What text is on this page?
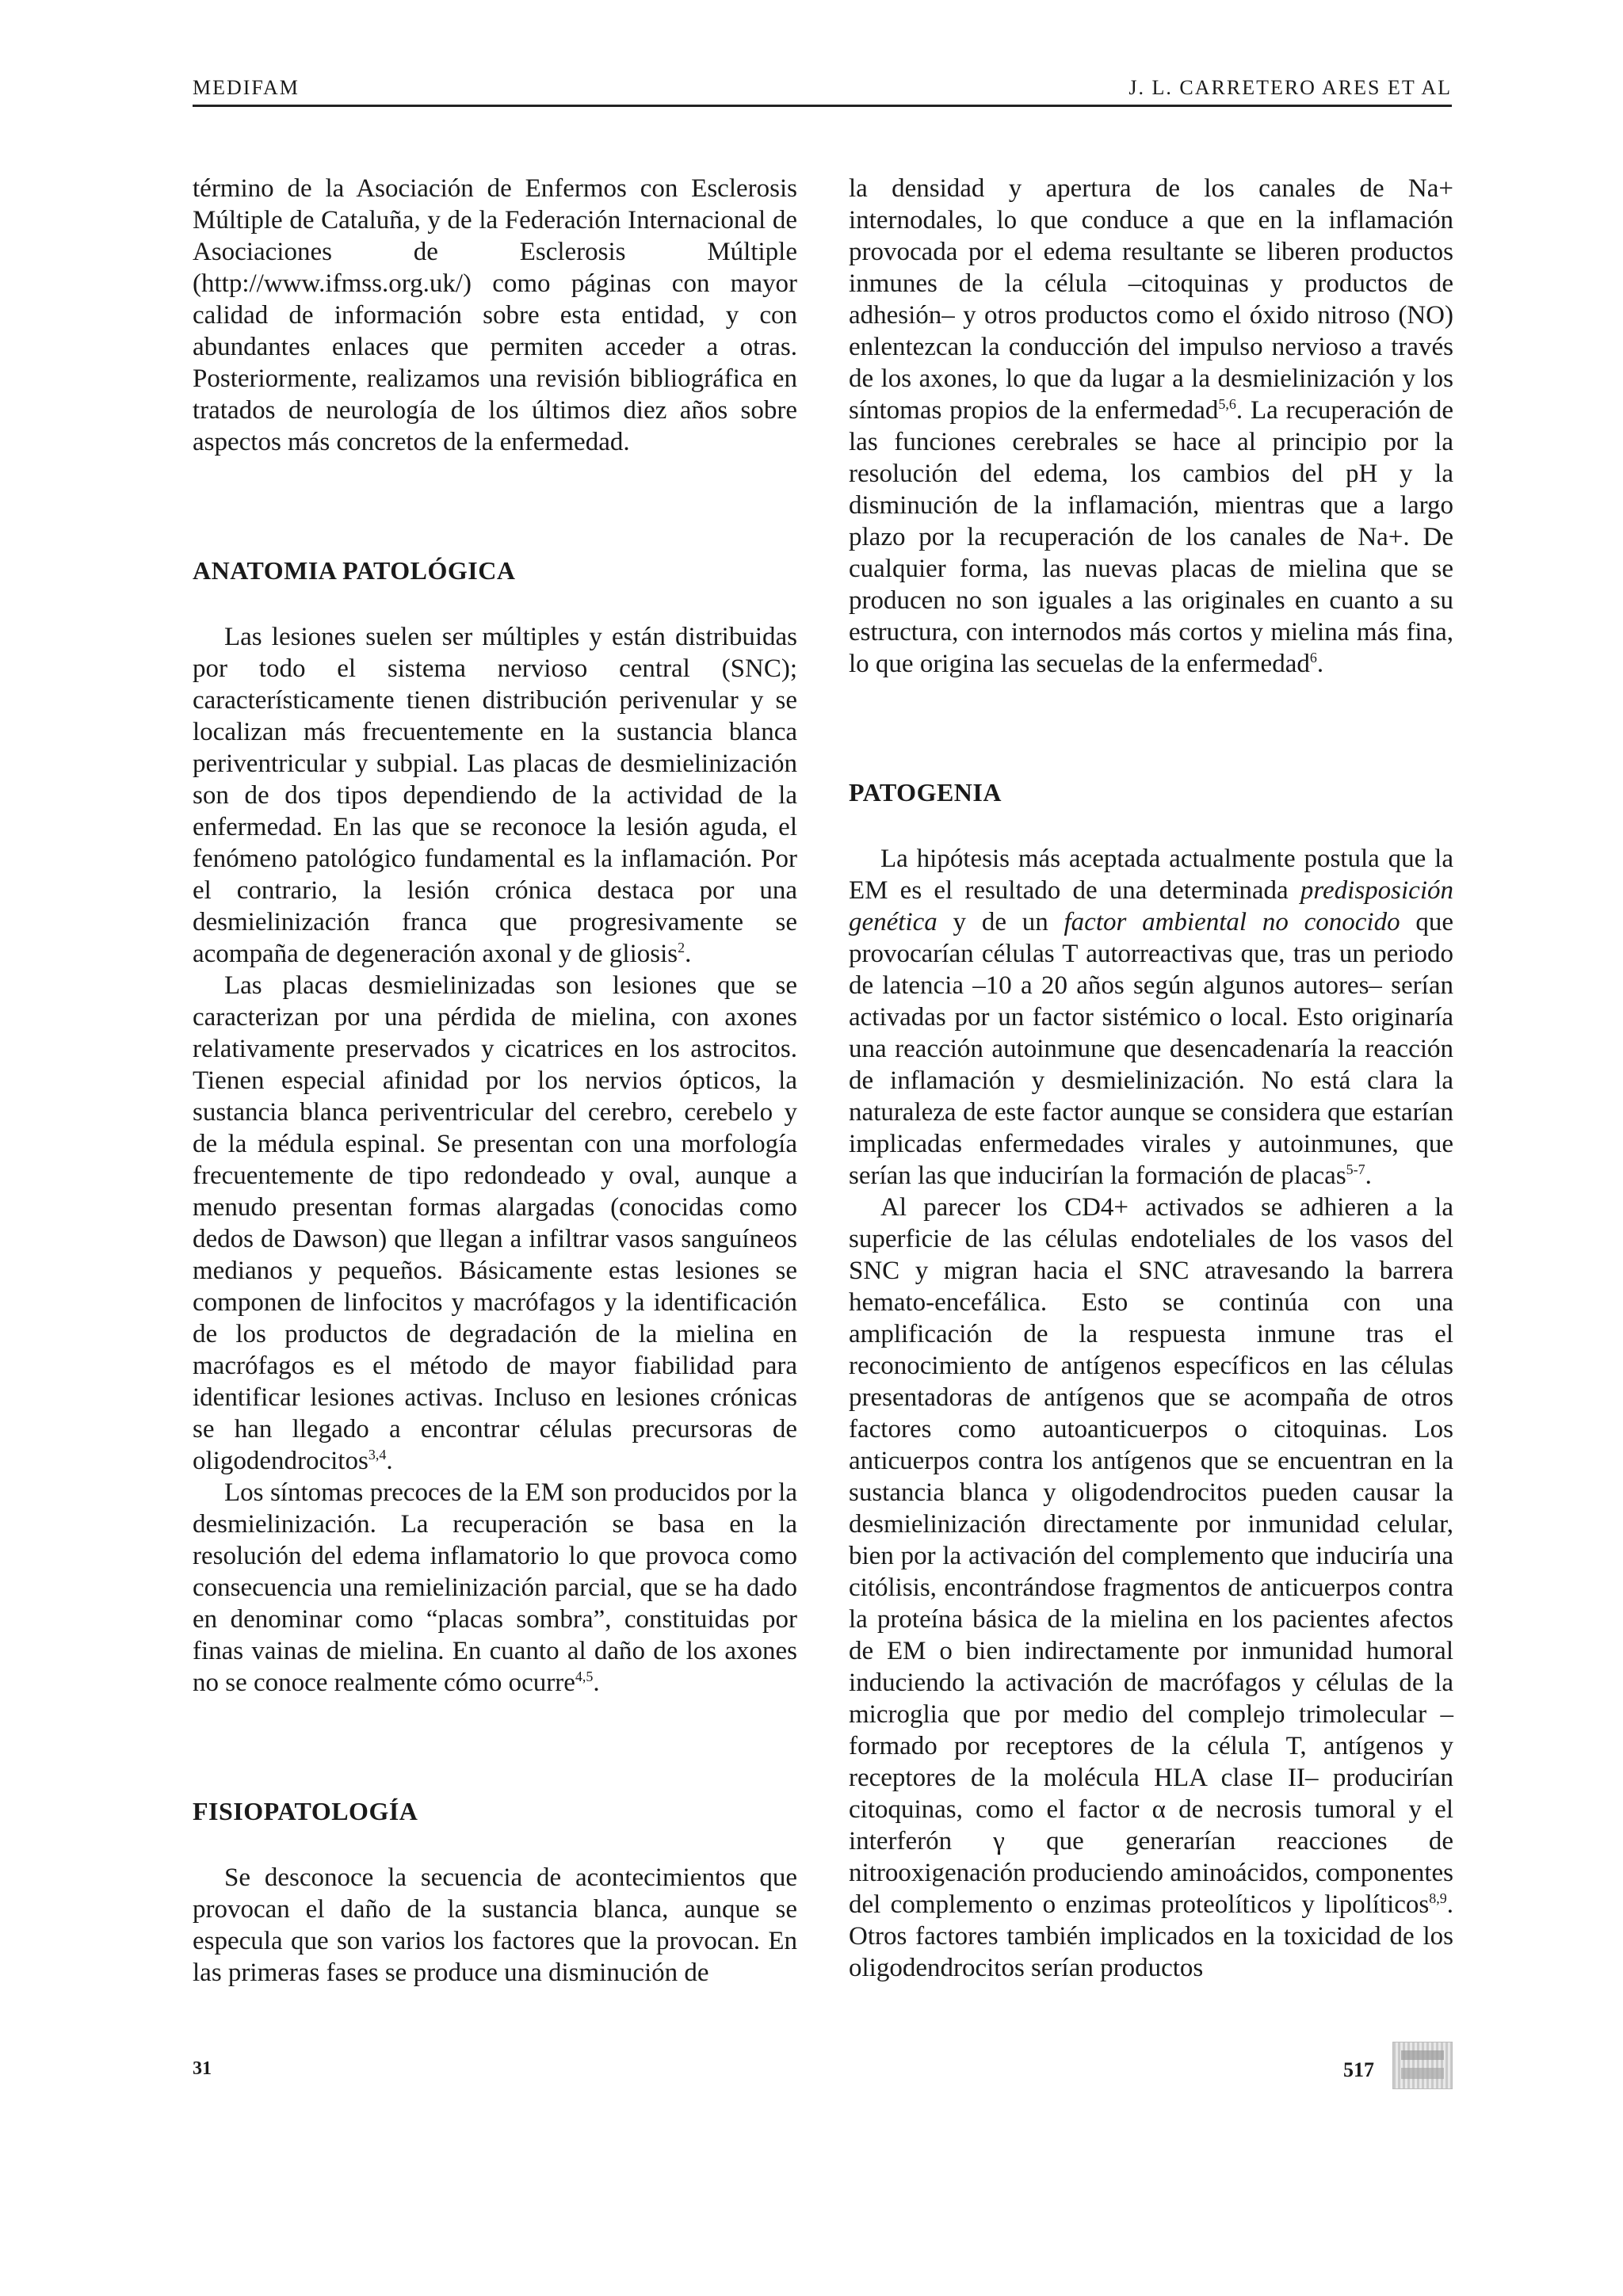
MEDIFAM	J. L. CARRETERO ARES ET AL

término de la Asociación de Enfermos con Esclerosis Múltiple de Cataluña, y de la Federación Internacional de Asociaciones de Esclerosis Múltiple (http://www.ifmss.org.uk/) como páginas con mayor calidad de información sobre esta entidad, y con abundantes enlaces que permiten acceder a otras. Posteriormente, realizamos una revisión bibliográfica en tratados de neurología de los últimos diez años sobre aspectos más concretos de la enfermedad.

ANATOMIA PATOLÓGICA

Las lesiones suelen ser múltiples y están distribuidas por todo el sistema nervioso central (SNC); característicamente tienen distribución perivenular y se localizan más frecuentemente en la sustancia blanca periventricular y subpial. Las placas de desmielinización son de dos tipos dependiendo de la actividad de la enfermedad. En las que se reconoce la lesión aguda, el fenómeno patológico fundamental es la inflamación. Por el contrario, la lesión crónica destaca por una desmielinización franca que progresivamente se acompaña de degeneración axonal y de gliosis$^2$.

Las placas desmielinizadas son lesiones que se caracterizan por una pérdida de mielina, con axones relativamente preservados y cicatrices en los astrocitos. Tienen especial afinidad por los nervios ópticos, la sustancia blanca periventricular del cerebro, cerebelo y de la médula espinal. Se presentan con una morfología frecuentemente de tipo redondeado y oval, aunque a menudo presentan formas alargadas (conocidas como dedos de Dawson) que llegan a infiltrar vasos sanguíneos medianos y pequeños. Básicamente estas lesiones se componen de linfocitos y macrófagos y la identificación de los productos de degradación de la mielina en macrófagos es el método de mayor fiabilidad para identificar lesiones activas. Incluso en lesiones crónicas se han llegado a encontrar células precursoras de oligodendrocitos$^{3,4}$.

Los síntomas precoces de la EM son producidos por la desmielinización. La recuperación se basa en la resolución del edema inflamatorio lo que provoca como consecuencia una remielinización parcial, que se ha dado en denominar como “placas sombra”, constituidas por finas vainas de mielina. En cuanto al daño de los axones no se conoce realmente cómo ocurre$^{4,5}$.

FISIOPATOLOGÍA

Se desconoce la secuencia de acontecimientos que provocan el daño de la sustancia blanca, aunque se especula que son varios los factores que la provocan. En las primeras fases se produce una disminución de

la densidad y apertura de los canales de Na+ internodales, lo que conduce a que en la inflamación provocada por el edema resultante se liberen productos inmunes de la célula –citoquinas y productos de adhesión– y otros productos como el óxido nitroso (NO) enlentezcan la conducción del impulso nervioso a través de los axones, lo que da lugar a la desmielinización y los síntomas propios de la enfermedad$^{5,6}$. La recuperación de las funciones cerebrales se hace al principio por la resolución del edema, los cambios del pH y la disminución de la inflamación, mientras que a largo plazo por la recuperación de los canales de Na+. De cualquier forma, las nuevas placas de mielina que se producen no son iguales a las originales en cuanto a su estructura, con internodos más cortos y mielina más fina, lo que origina las secuelas de la enfermedad$^6$.

PATOGENIA

La hipótesis más aceptada actualmente postula que la EM es el resultado de una determinada predisposición genética y de un factor ambiental no conocido que provocarían células T autorreactivas que, tras un periodo de latencia –10 a 20 años según algunos autores– serían activadas por un factor sistémico o local. Esto originaría una reacción autoinmune que desencadenaría la reacción de inflamación y desmielinización. No está clara la naturaleza de este factor aunque se considera que estarían implicadas enfermedades virales y autoinmunes, que serían las que inducirían la formación de placas$^{5-7}$.

Al parecer los CD4+ activados se adhieren a la superficie de las células endoteliales de los vasos del SNC y migran hacia el SNC atravesando la barrera hemato-encefálica. Esto se continúa con una amplificación de la respuesta inmune tras el reconocimiento de antígenos específicos en las células presentadoras de antígenos que se acompaña de otros factores como autoanticuerpos o citoquinas. Los anticuerpos contra los antígenos que se encuentran en la sustancia blanca y oligodendrocitos pueden causar la desmielinización directamente por inmunidad celular, bien por la activación del complemento que induciría una citólisis, encontrándose fragmentos de anticuerpos contra la proteína básica de la mielina en los pacientes afectos de EM o bien indirectamente por inmunidad humoral induciendo la activación de macrófagos y células de la microglia que por medio del complejo trimolecular –formado por receptores de la célula T, antígenos y receptores de la molécula HLA clase II– producirían citoquinas, como el factor α de necrosis tumoral y el interferón γ que generarían reacciones de nitrooxigenación produciendo aminoácidos, componentes del complemento o enzimas proteolíticos y lipolíticos$^{8,9}$. Otros factores también implicados en la toxicidad de los oligodendrocitos serían productos

31	517
